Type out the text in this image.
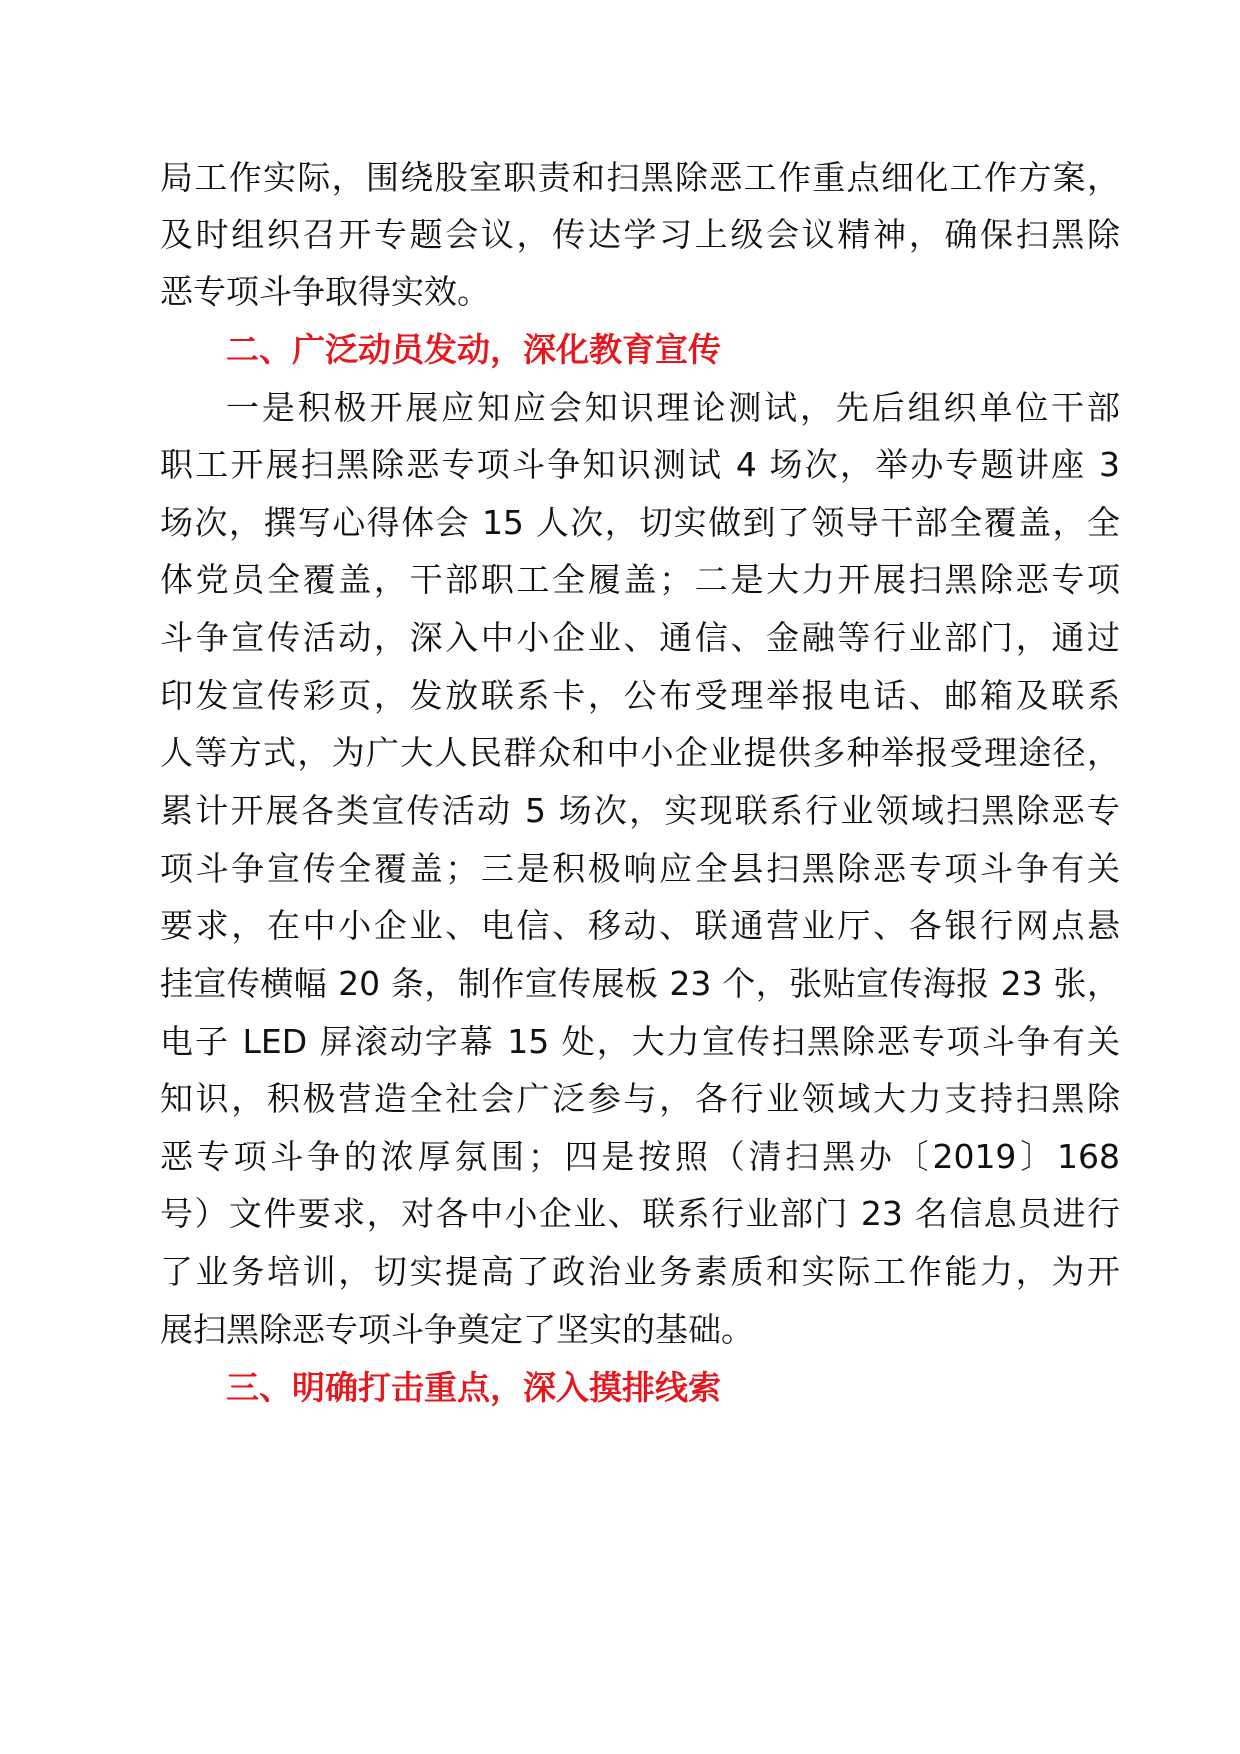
局工作实际，围绕股室职责和扫黑除恶工作重点细化工作方案，
及时组织召开专题会议，传达学习上级会议精神，确保扫黑除
恶专项斗争取得实效。
二、广泛动员发动，深化教育宣传
一是积极开展应知应会知识理论测试，先后组织单位干部
职工开展扫黑除恶专项斗争知识测试 4 场次，举办专题讲座 3
场次，撰写心得体会 15 人次，切实做到了领导干部全覆盖，全
体党员全覆盖，干部职工全履盖；二是大力开展扫黑除恶专项
斗争宣传活动，深入中小企业、通信、金融等行业部门，通过
印发宣传彩页，发放联系卡，公布受理举报电话、邮箱及联系
人等方式，为广大人民群众和中小企业提供多种举报受理途径，
累计开展各类宣传活动 5 场次，实现联系行业领域扫黑除恶专
项斗争宣传全覆盖；三是积极响应全县扫黑除恶专项斗争有关
要求，在中小企业、电信、移动、联通营业厅、各银行网点悬
挂宣传横幅 20 条，制作宣传展板 23 个，张贴宣传海报 23 张，
电子 LED 屏滚动字幕 15 处，大力宣传扫黑除恶专项斗争有关
知识，积极营造全社会广泛参与，各行业领域大力支持扫黑除
恶专项斗争的浓厚氛围；四是按照（清扫黑办〔2019〕168
号）文件要求，对各中小企业、联系行业部门 23 名信息员进行
了业务培训，切实提高了政治业务素质和实际工作能力，为开
展扫黑除恶专项斗争奠定了坚实的基础。
三、明确打击重点，深入摸排线索
